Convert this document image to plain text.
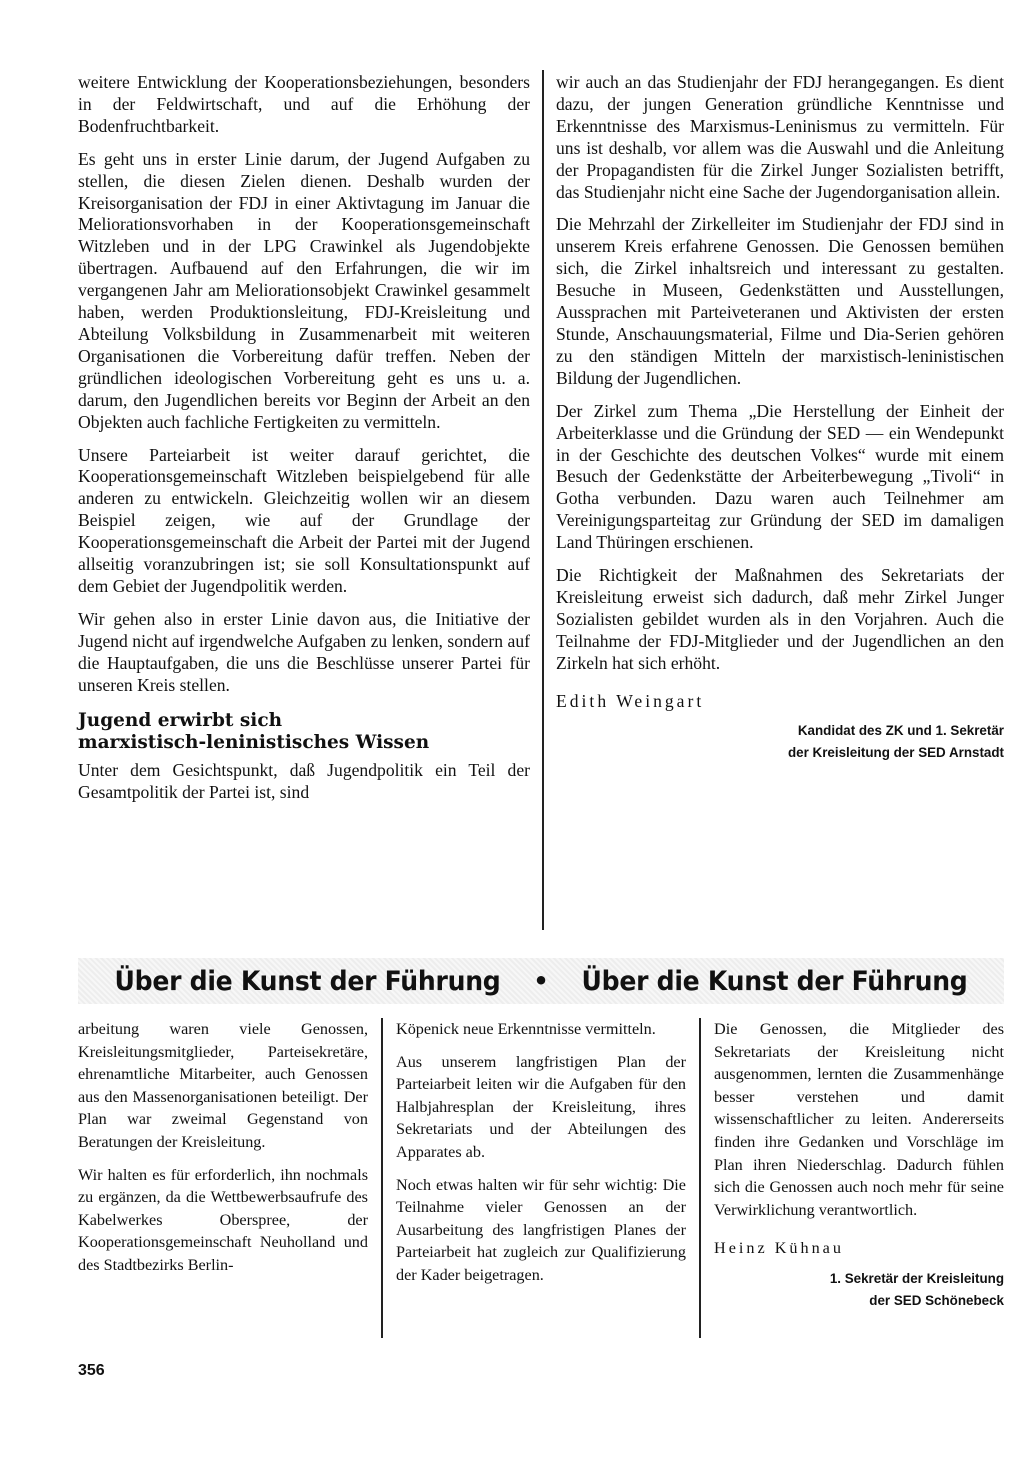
weitere Entwicklung der Kooperationsbeziehungen, besonders in der Feldwirtschaft, und auf die Erhöhung der Bodenfruchtbarkeit.

Es geht uns in erster Linie darum, der Jugend Aufgaben zu stellen, die diesen Zielen dienen. Deshalb wurden der Kreisorganisation der FDJ in einer Aktivtagung im Januar die Meliorationsvorhaben in der Kooperationsgemeinschaft Witzleben und in der LPG Crawinkel als Jugendobjekte übertragen. Aufbauend auf den Erfahrungen, die wir im vergangenen Jahr am Meliorationsobjekt Crawinkel gesammelt haben, werden Produktionsleitung, FDJ-Kreisleitung und Abteilung Volksbildung in Zusammenarbeit mit weiteren Organisationen die Vorbereitung dafür treffen. Neben der gründlichen ideologischen Vorbereitung geht es uns u. a. darum, den Jugendlichen bereits vor Beginn der Arbeit an den Objekten auch fachliche Fertigkeiten zu vermitteln.

Unsere Parteiarbeit ist weiter darauf gerichtet, die Kooperationsgemeinschaft Witzleben beispielgebend für alle anderen zu entwickeln. Gleichzeitig wollen wir an diesem Beispiel zeigen, wie auf der Grundlage der Kooperationsgemeinschaft die Arbeit der Partei mit der Jugend allseitig voranzubringen ist; sie soll Konsultationspunkt auf dem Gebiet der Jugendpolitik werden.

Wir gehen also in erster Linie davon aus, die Initiative der Jugend nicht auf irgendwelche Aufgaben zu lenken, sondern auf die Hauptaufgaben, die uns die Beschlüsse unserer Partei für unseren Kreis stellen.

Jugend erwirbt sich
marxistisch-leninistisches Wissen

Unter dem Gesichtspunkt, daß Jugendpolitik ein Teil der Gesamtpolitik der Partei ist, sind

wir auch an das Studienjahr der FDJ herangegangen. Es dient dazu, der jungen Generation gründliche Kenntnisse und Erkenntnisse des Marxismus-Leninismus zu vermitteln. Für uns ist deshalb, vor allem was die Auswahl und die Anleitung der Propagandisten für die Zirkel Junger Sozialisten betrifft, das Studienjahr nicht eine Sache der Jugendorganisation allein.

Die Mehrzahl der Zirkelleiter im Studienjahr der FDJ sind in unserem Kreis erfahrene Genossen. Die Genossen bemühen sich, die Zirkel inhaltsreich und interessant zu gestalten. Besuche in Museen, Gedenkstätten und Ausstellungen, Aussprachen mit Parteiveteranen und Aktivisten der ersten Stunde, Anschauungsmaterial, Filme und Dia-Serien gehören zu den ständigen Mitteln der marxistisch-leninistischen Bildung der Jugendlichen.

Der Zirkel zum Thema „Die Herstellung der Einheit der Arbeiterklasse und die Gründung der SED — ein Wendepunkt in der Geschichte des deutschen Volkes“ wurde mit einem Besuch der Gedenkstätte der Arbeiterbewegung „Tivoli“ in Gotha verbunden. Dazu waren auch Teilnehmer am Vereinigungsparteitag zur Gründung der SED im damaligen Land Thüringen erschienen.

Die Richtigkeit der Maßnahmen des Sekretariats der Kreisleitung erweist sich dadurch, daß mehr Zirkel Junger Sozialisten gebildet wurden als in den Vorjahren. Auch die Teilnahme der FDJ-Mitglieder und der Jugendlichen an den Zirkeln hat sich erhöht.

Edith Weingart

Kandidat des ZK und 1. Sekretär

der Kreisleitung der SED Arnstadt

Über die Kunst der Führung • Über die Kunst der Führung

arbeitung waren viele Genossen, Kreisleitungsmitglieder, Parteisekretäre, ehrenamtliche Mitarbeiter, auch Genossen aus den Massenorganisationen beteiligt. Der Plan war zweimal Gegenstand von Beratungen der Kreisleitung.

Wir halten es für erforderlich, ihn nochmals zu ergänzen, da die Wettbewerbsaufrufe des Kabelwerkes Oberspree, der Kooperationsgemeinschaft Neuholland und des Stadtbezirks Berlin-

Köpenick neue Erkenntnisse vermitteln.

Aus unserem langfristigen Plan der Parteiarbeit leiten wir die Aufgaben für den Halbjahresplan der Kreisleitung, ihres Sekretariats und der Abteilungen des Apparates ab.

Noch etwas halten wir für sehr wichtig: Die Teilnahme vieler Genossen an der Ausarbeitung des langfristigen Planes der Parteiarbeit hat zugleich zur Qualifizierung der Kader beigetragen.

Die Genossen, die Mitglieder des Sekretariats der Kreisleitung nicht ausgenommen, lernten die Zusammenhänge besser verstehen und damit wissenschaftlicher zu leiten. Andererseits finden ihre Gedanken und Vorschläge im Plan ihren Niederschlag. Dadurch fühlen sich die Genossen auch noch mehr für seine Verwirklichung verantwortlich.

Heinz Kühnau

1. Sekretär der Kreisleitung

der SED Schönebeck

356
